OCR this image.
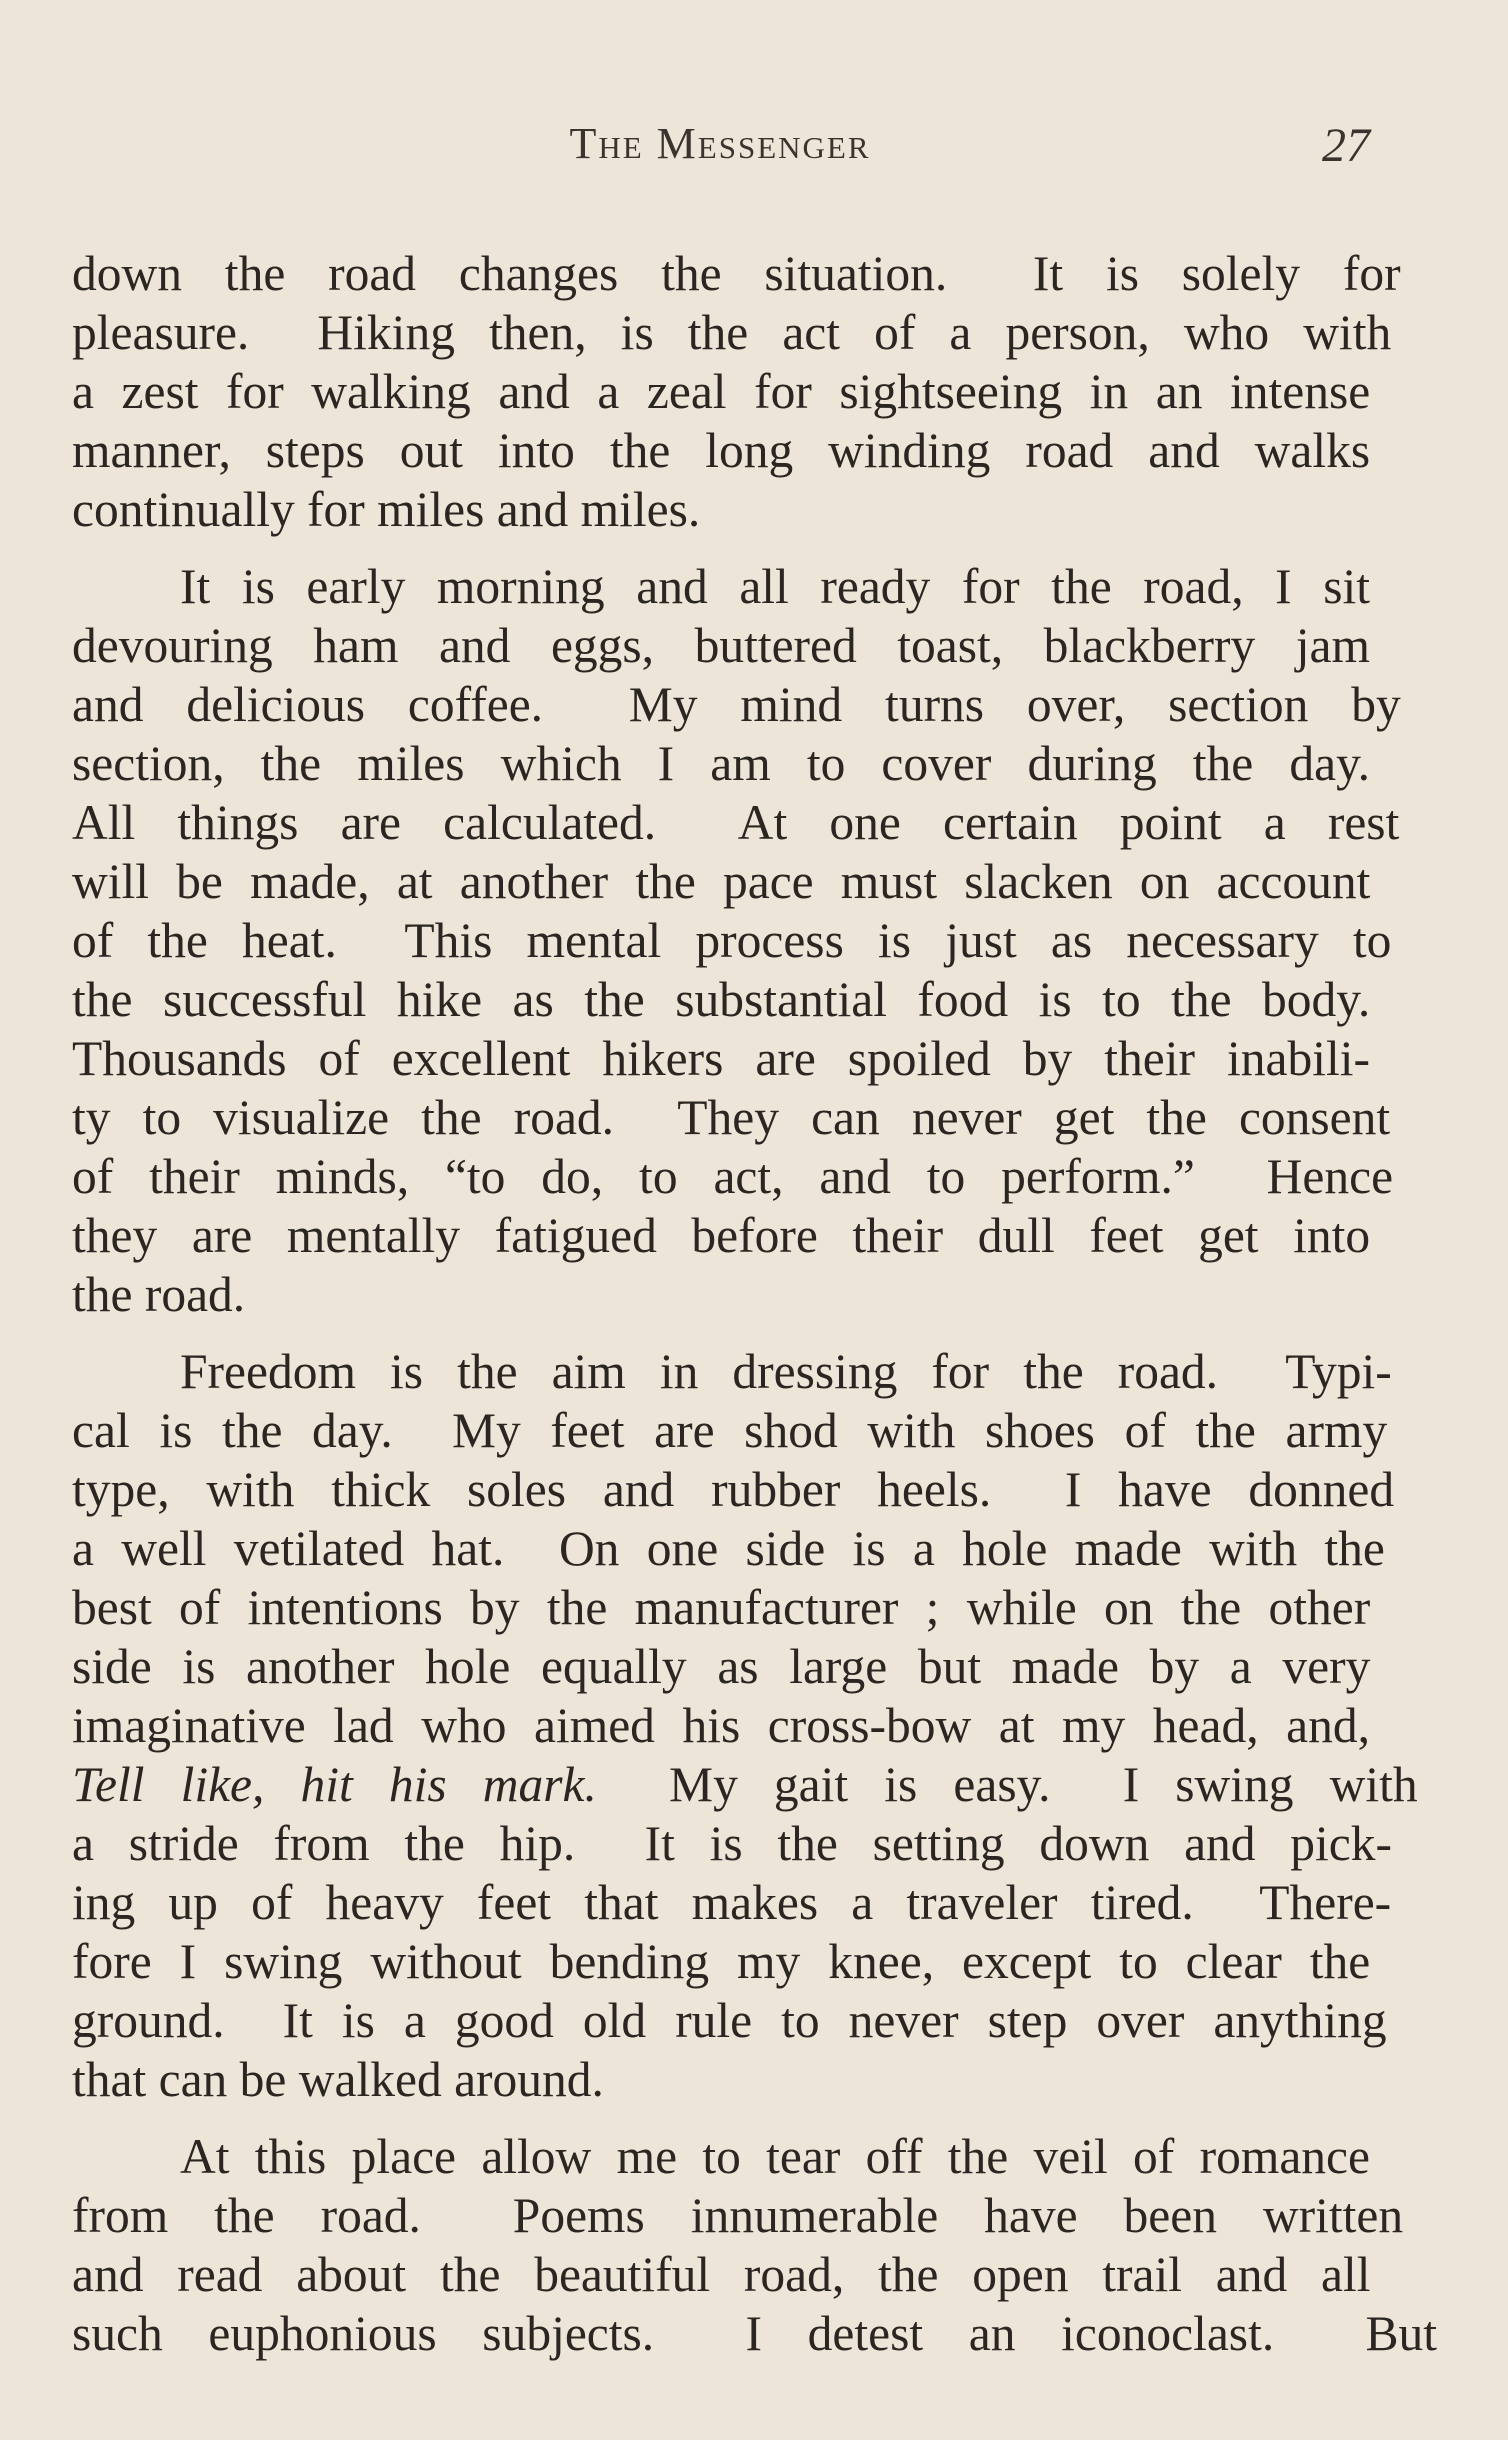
The Messenger	27

down the road changes the situation.  It is solely for
pleasure.  Hiking then, is the act of a person, who with
a zest for walking and a zeal for sightseeing in an intense
manner, steps out into the long winding road and walks
continually for miles and miles.

It is early morning and all ready for the road, I sit
devouring ham and eggs, buttered toast, blackberry jam
and delicious coffee.  My mind turns over, section by
section, the miles which I am to cover during the day.
All things are calculated.  At one certain point a rest
will be made, at another the pace must slacken on account
of the heat.  This mental process is just as necessary to
the successful hike as the substantial food is to the body.
Thousands of excellent hikers are spoiled by their inabili-
ty to visualize the road.  They can never get the consent
of their minds, “to do, to act, and to perform.”  Hence
they are mentally fatigued before their dull feet get into
the road.

Freedom is the aim in dressing for the road.  Typi-
cal is the day.  My feet are shod with shoes of the army
type, with thick soles and rubber heels.  I have donned
a well vetilated hat.  On one side is a hole made with the
best of intentions by the manufacturer ; while on the other
side is another hole equally as large but made by a very
imaginative lad who aimed his cross-bow at my head, and,
Tell like, hit his mark.  My gait is easy.  I swing with
a stride from the hip.  It is the setting down and pick-
ing up of heavy feet that makes a traveler tired.  There-
fore I swing without bending my knee, except to clear the
ground.  It is a good old rule to never step over anything
that can be walked around.

At this place allow me to tear off the veil of romance
from the road.  Poems innumerable have been written
and read about the beautiful road, the open trail and all
such euphonious subjects.  I detest an iconoclast.  But
